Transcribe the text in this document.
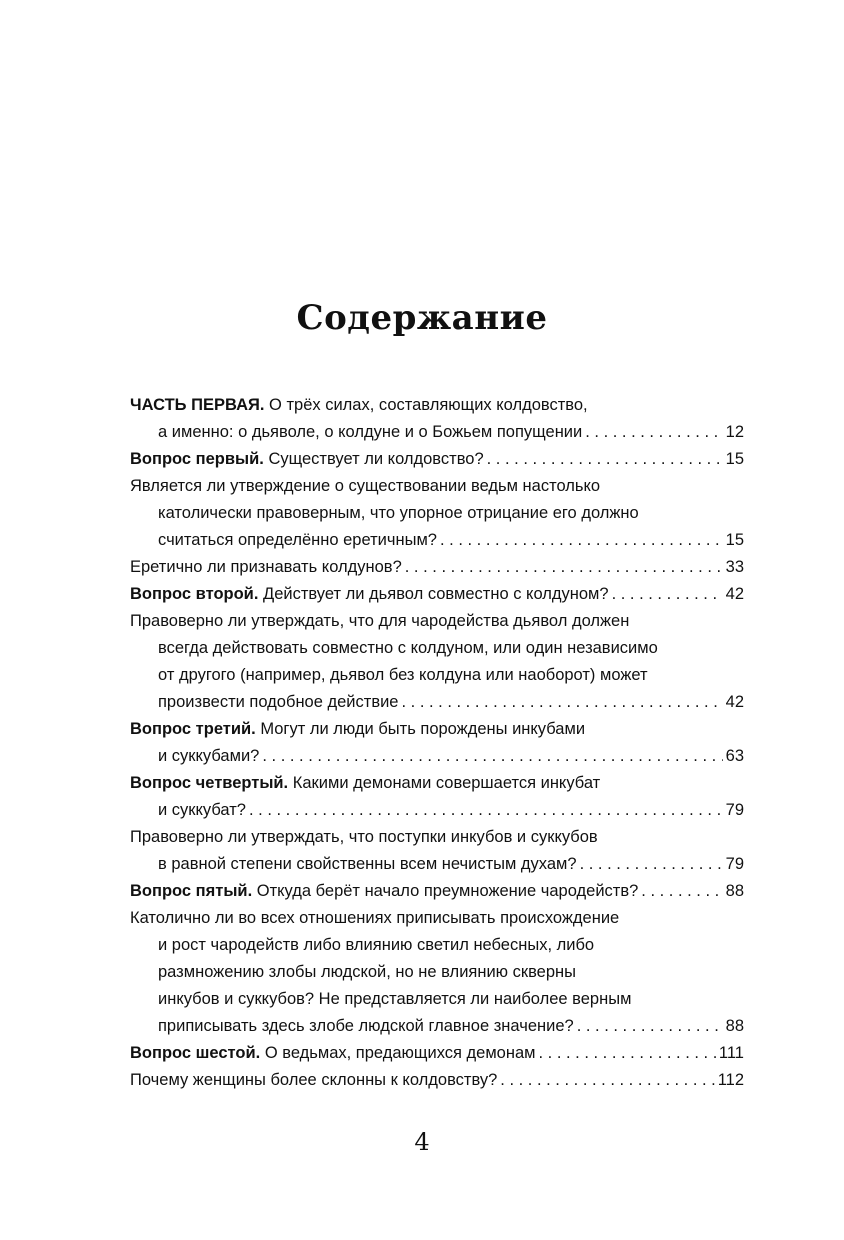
Содержание
ЧАСТЬ ПЕРВАЯ. О трёх силах, составляющих колдовство,
а именно: о дьяволе, о колдуне и о Божьем попущении . . .	12
Вопрос первый. Существует ли колдовство? . . .	15
Является ли утверждение о существовании ведьм настолько
католически правоверным, что упорное отрицание его должно
считаться определённо еретичным? . . .	15
Еретично ли признавать колдунов? . . .	33
Вопрос второй. Действует ли дьявол совместно с колдуном? . . .	42
Правоверно ли утверждать, что для чародейства дьявол должен
всегда действовать совместно с колдуном, или один независимо
от другого (например, дьявол без колдуна или наоборот) может
произвести подобное действие . . .	42
Вопрос третий. Могут ли люди быть порождены инкубами
и суккубами? . . .	63
Вопрос четвертый. Какими демонами совершается инкубат
и суккубат? . . .	79
Правоверно ли утверждать, что поступки инкубов и суккубов
в равной степени свойственны всем нечистым духам? . . .	79
Вопрос пятый. Откуда берёт начало преумножение чародейств? . . .	88
Католично ли во всех отношениях приписывать происхождение
и рост чародейств либо влиянию светил небесных, либо
размножению злобы людской, но не влиянию скверны
инкубов и суккубов? Не представляется ли наиболее верным
приписывать здесь злобе людской главное значение? . . .	88
Вопрос шестой. О ведьмах, предающихся демонам . . .	111
Почему женщины более склонны к колдовству? . . .	112
4
